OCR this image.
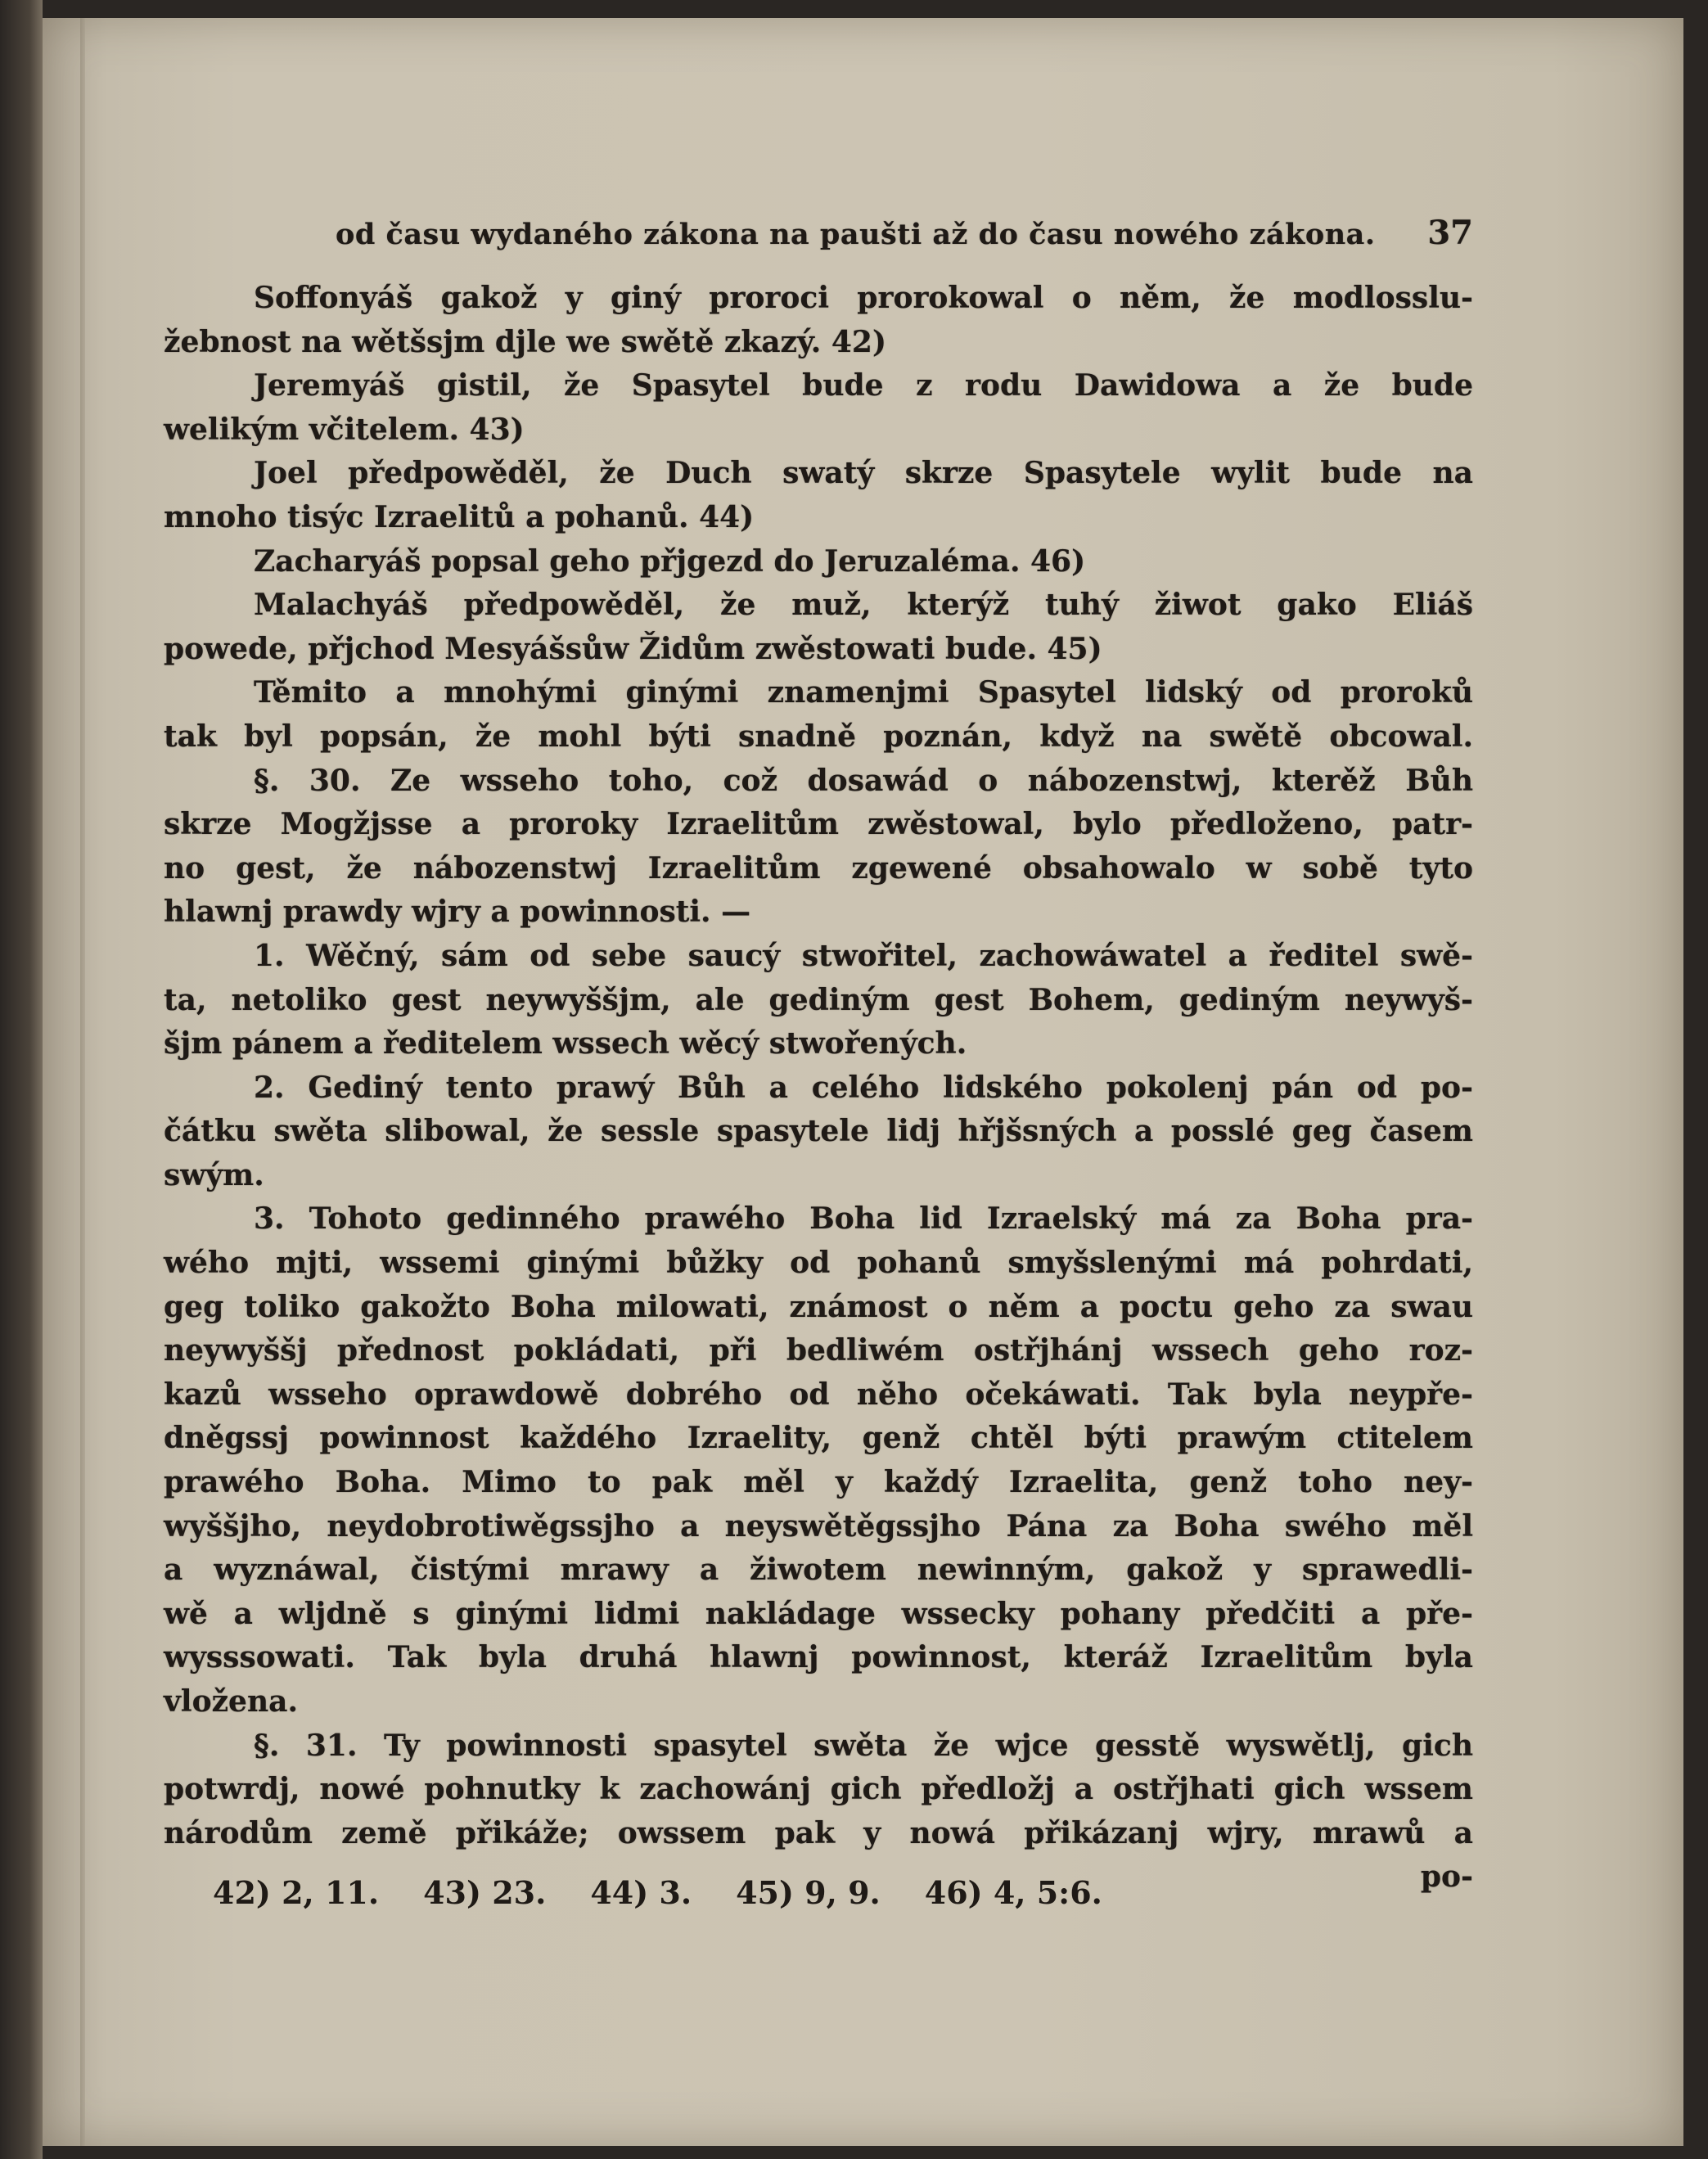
od času wydaného zákona na paušti až do času nowého zákona. 37
Soffonyáš gakož y giný proroci prorokowal o něm, že modlosslu-
žebnost na wětšsjm djle we swětě zkazý. 42)
Jeremyáš gistil, že Spasytel bude z rodu Dawidowa a že bude
welikým včitelem. 43)
Joel předpowěděl, že Duch swatý skrze Spasytele wylit bude na
mnoho tisýc Izraelitů a pohanů. 44)
Zacharyáš popsal geho přjgezd do Jeruzaléma. 46)
Malachyáš předpowěděl, že muž, kterýž tuhý žiwot gako Eliáš
powede, přjchod Mesyášsůw Židům zwěstowati bude. 45)
Těmito a mnohými ginými znamenjmi Spasytel lidský od proroků
tak byl popsán, že mohl býti snadně poznán, když na swětě obcowal.
§. 30. Ze wsseho toho, což dosawád o nábozenstwj, kterěž Bůh
skrze Mogžjsse a proroky Izraelitům zwěstowal, bylo předloženo, patr-
no gest, že nábozenstwj Izraelitům zgewené obsahowalo w sobě tyto
hlawnj prawdy wjry a powinnosti. —
1. Wěčný, sám od sebe saucý stwořitel, zachowáwatel a ředitel swě-
ta, netoliko gest neywyššjm, ale gediným gest Bohem, gediným neywyš-
šjm pánem a ředitelem wssech wěcý stwořených.
2. Gediný tento prawý Bůh a celého lidského pokolenj pán od po-
čátku swěta slibowal, že sessle spasytele lidj hřjšsných a posslé geg časem
swým.
3. Tohoto gedinného prawého Boha lid Izraelský má za Boha pra-
wého mjti, wssemi ginými bůžky od pohanů smyšslenými má pohrdati,
geg toliko gakožto Boha milowati, známost o něm a poctu geho za swau
neywyššj přednost pokládati, při bedliwém ostřjhánj wssech geho roz-
kazů wsseho oprawdowě dobrého od něho očekáwati. Tak byla neypře-
dněgssj powinnost každého Izraelity, genž chtěl býti prawým ctitelem
prawého Boha. Mimo to pak měl y každý Izraelita, genž toho ney-
wyššjho, neydobrotiwěgssjho a neyswětěgssjho Pána za Boha swého měl
a wyznáwal, čistými mrawy a žiwotem newinným, gakož y sprawedli-
wě a wljdně s ginými lidmi nakládage wssecky pohany předčiti a pře-
wysssowati. Tak byla druhá hlawnj powinnost, kteráž Izraelitům byla
vložena.
§. 31. Ty powinnosti spasytel swěta že wjce gesstě wyswětlj, gich
potwrdj, nowé pohnutky k zachowánj gich předložj a ostřjhati gich wssem
národům země přikáže; owssem pak y nowá přikázanj wjry, mrawů a
po-
42) 2, 11. 43) 23. 44) 3. 45) 9, 9. 46) 4, 5:6.
